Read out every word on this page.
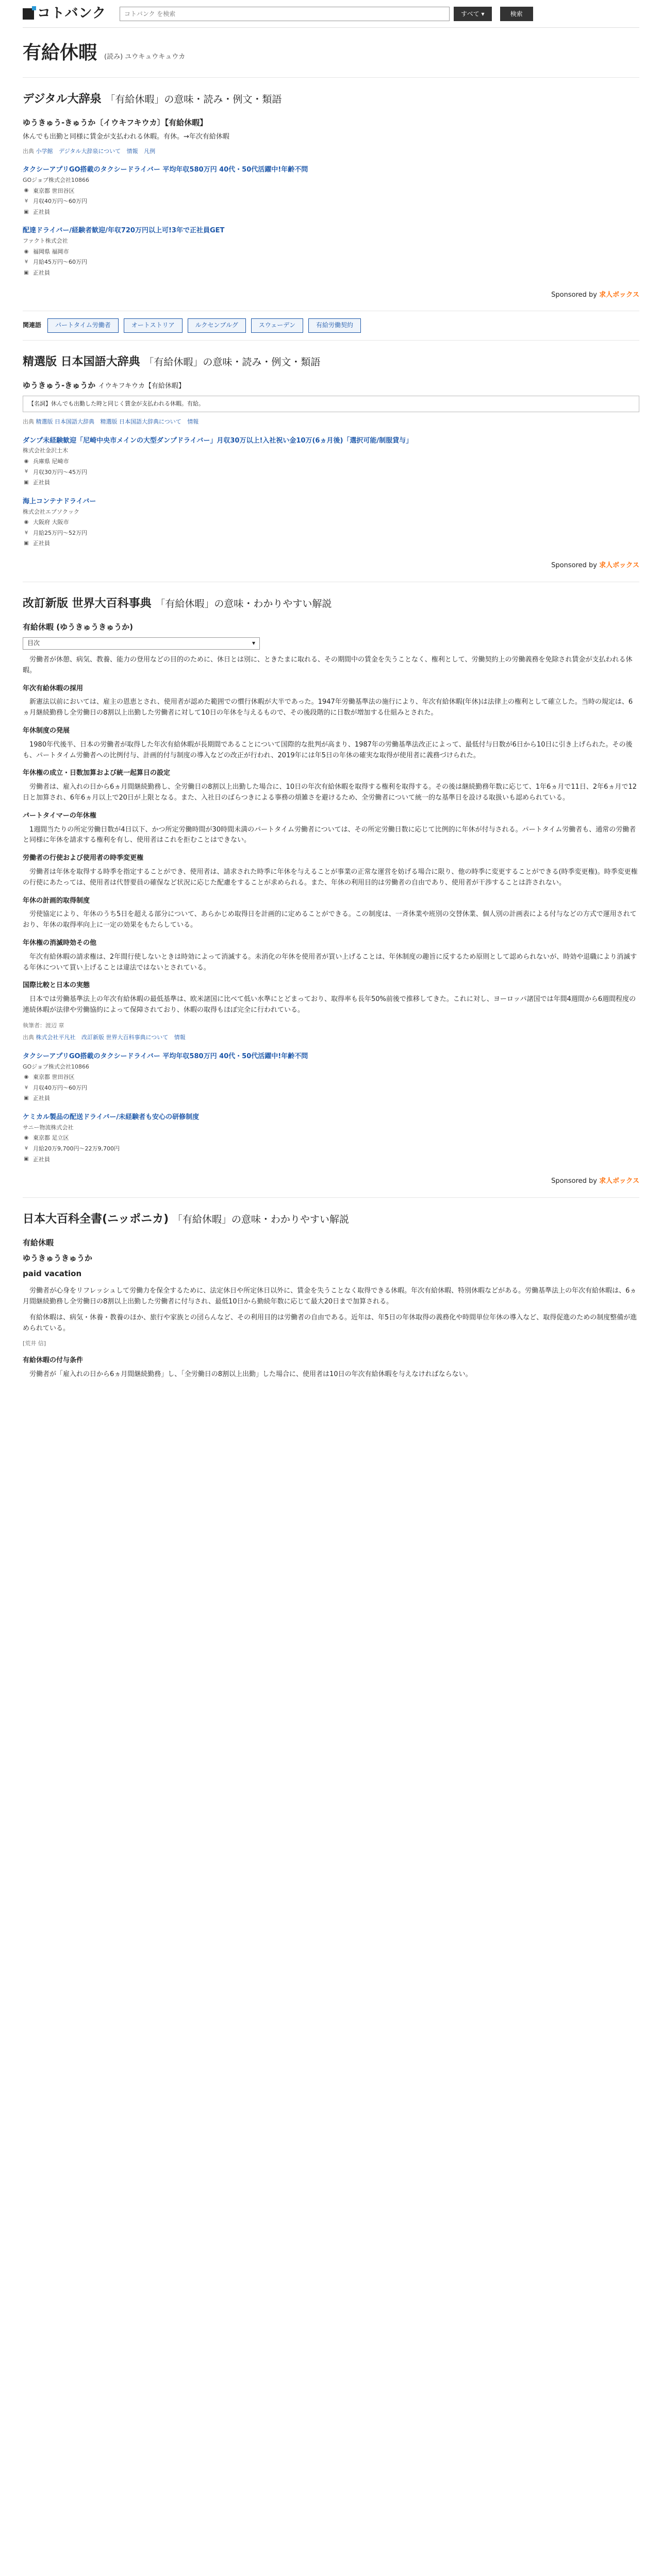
コトバンク
コトバンク を検索	すべて ▾	検索
有給休暇 (読み) ユウキュウキュウカ
デジタル大辞泉 「有給休暇」の意味・読み・例文・類語
ゆうきゅう‐きゅうか〔イウキフキウカ〕【有給休暇】
休んでも出勤と同様に賃金が支払われる休暇。有休。→年次有給休暇
出典 小学館 デジタル大辞泉について 情報 凡例
タクシーアプリGO搭載のタクシードライバー 平均年収580万円 40代・50代活躍中!年齢不問
GOジョブ株式会社10866
◉ 東京都 世田谷区
¥ 月収40万円〜60万円
▣ 正社員
配達ドライバー/経験者歓迎/年収720万円以上可!3年で正社員GET
ファクト株式会社
◉ 福岡県 福岡市
¥ 月給45万円〜60万円
▣ 正社員
Sponsored by 求人ボックス
関連語	パートタイム労働者	オートストリア	ルクセンブルグ	スウェーデン	有給労働契約
精選版 日本国語大辞典 「有給休暇」の意味・読み・例文・類語
ゆうきゅう‐きゅうか イウキフキウカ【有給休暇】
【名詞】休んでも出勤した時と同じく賃金が支払われる休暇。有給。
出典 精選版 日本国語大辞典 精選版 日本国語大辞典について 情報
ダンプ未経験歓迎「尼崎中央市メインの大型ダンプドライバー」月収30万以上!入社祝い金10万(6ヵ月後)「選択可能/制服貸与」
株式会社金沢土木
◉ 兵庫県 尼崎市
¥ 月収30万円〜45万円
▣ 正社員
海上コンテナドライバー
株式会社エプソクック
◉ 大阪府 大阪市
¥ 月給25万円〜52万円
▣ 正社員
Sponsored by 求人ボックス
改訂新版 世界大百科事典 「有給休暇」の意味・わかりやすい解説
有給休暇 (ゆうきゅうきゅうか)
目次	▾

労働者が休憩、病気、教養、能力の登用などの目的のために、休日とは別に、ときたまに取れる、その期間中の賃金を失うことなく、権利として、労働契約上の労働義務を免除され賃金が支払われる休暇。

年次有給休暇の採用

新憲法以前においては、雇主の恩恵とされ、使用者が認めた範囲での慣行休暇が大半であった。1947年労働基準法の施行により、年次有給休暇(年休)は法律上の権利として確立した。当時の規定は、6ヵ月継続勤務し全労働日の8割以上出勤した労働者に対して10日の年休を与えるもので、その後段階的に日数が増加する仕組みとされた。

年休制度の発展

1980年代後半、日本の労働者が取得した年次有給休暇が長期間であることについて国際的な批判が高まり、1987年の労働基準法改正によって、最低付与日数が6日から10日に引き上げられた。その後も、パートタイム労働者への比例付与、計画的付与制度の導入などの改正が行われ、2019年には年5日の年休の確実な取得が使用者に義務づけられた。

年休権の成立・日数加算および統一起算日の設定

労働者は、雇入れの日から6ヵ月間継続勤務し、全労働日の8割以上出勤した場合に、10日の年次有給休暇を取得する権利を取得する。その後は継続勤務年数に応じて、1年6ヵ月で11日、2年6ヵ月で12日と加算され、6年6ヵ月以上で20日が上限となる。また、入社日のばらつきによる事務の煩雑さを避けるため、全労働者について統一的な基準日を設ける取扱いも認められている。

パートタイマーの年休権

1週間当たりの所定労働日数が4日以下、かつ所定労働時間が30時間未満のパートタイム労働者については、その所定労働日数に応じて比例的に年休が付与される。パートタイム労働者も、通常の労働者と同様に年休を請求する権利を有し、使用者はこれを拒むことはできない。

労働者の行使および使用者の時季変更権

労働者は年休を取得する時季を指定することができ、使用者は、請求された時季に年休を与えることが事業の正常な運営を妨げる場合に限り、他の時季に変更することができる(時季変更権)。時季変更権の行使にあたっては、使用者は代替要員の確保など状況に応じた配慮をすることが求められる。また、年休の利用目的は労働者の自由であり、使用者が干渉することは許されない。

年休の計画的取得制度

労使協定により、年休のうち5日を超える部分について、あらかじめ取得日を計画的に定めることができる。この制度は、一斉休業や班別の交替休業、個人別の計画表による付与などの方式で運用されており、年休の取得率向上に一定の効果をもたらしている。

年休権の消滅時効その他

年次有給休暇の請求権は、2年間行使しないときは時効によって消滅する。未消化の年休を使用者が買い上げることは、年休制度の趣旨に反するため原則として認められないが、時効や退職により消滅する年休について買い上げることは違法ではないとされている。

国際比較と日本の実態

日本では労働基準法上の年次有給休暇の最低基準は、欧米諸国に比べて低い水準にとどまっており、取得率も長年50%前後で推移してきた。これに対し、ヨーロッパ諸国では年間4週間から6週間程度の連続休暇が法律や労働協約によって保障されており、休暇の取得もほぼ完全に行われている。

執筆者：渡辺 章
出典 株式会社平凡社 改訂新版 世界大百科事典について 情報
タクシーアプリGO搭載のタクシードライバー 平均年収580万円 40代・50代活躍中!年齢不問
GOジョブ株式会社10866
◉ 東京都 世田谷区
¥ 月収40万円〜60万円
▣ 正社員
ケミカル製品の配送ドライバー/未経験者も安心の研修制度
サニー物流株式会社
◉ 東京都 足立区
¥ 月給20万9,700円〜22万9,700円
▣ 正社員
Sponsored by 求人ボックス
日本大百科全書(ニッポニカ) 「有給休暇」の意味・わかりやすい解説
有給休暇
ゆうきゅうきゅうか
paid vacation

労働者が心身をリフレッシュして労働力を保全するために、法定休日や所定休日以外に、賃金を失うことなく取得できる休暇。年次有給休暇、特別休暇などがある。労働基準法上の年次有給休暇は、6ヵ月間継続勤務し全労働日の8割以上出勤した労働者に付与され、最低10日から勤続年数に応じて最大20日まで加算される。

有給休暇は、病気・休養・教養のほか、旅行や家族との団らんなど、その利用目的は労働者の自由である。近年は、年5日の年休取得の義務化や時間単位年休の導入など、取得促進のための制度整備が進められている。

[荒井 信]
有給休暇の付与条件

労働者が「雇入れの日から6ヵ月間継続勤務」し、「全労働日の8割以上出勤」した場合に、使用者は10日の年次有給休暇を与えなければならない。
